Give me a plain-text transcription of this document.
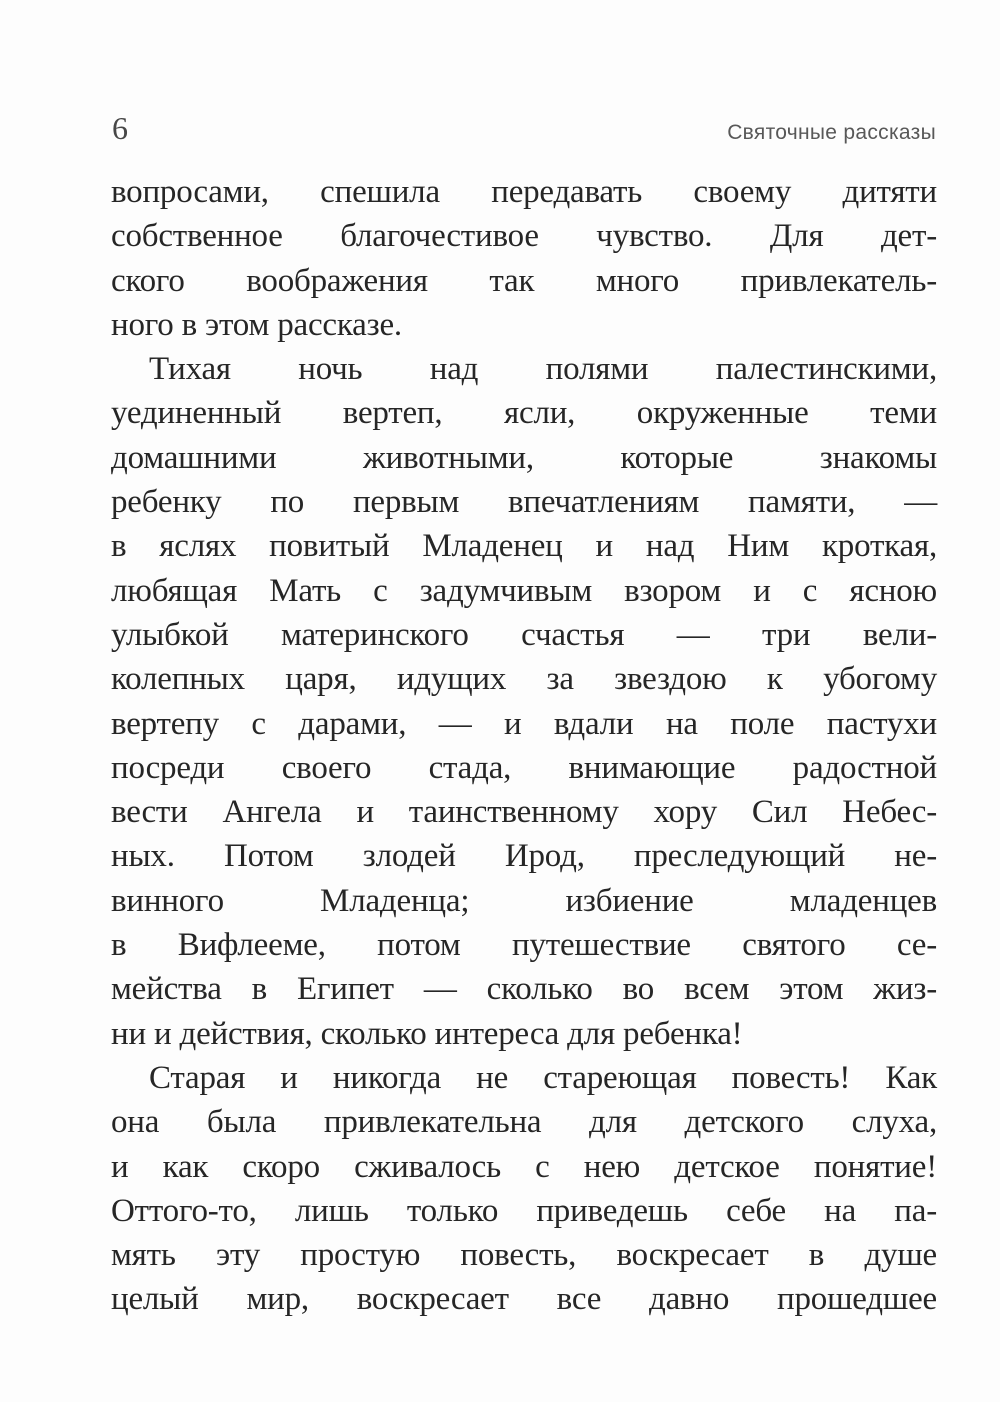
6	Святочные рассказы
вопросами, спешила передавать своему дитяти
собственное благочестивое чувство. Для дет-
ского воображения так много привлекатель-
ного в этом рассказе.
Тихая ночь над полями палестинскими,
уединенный вертеп, ясли, окруженные теми
домашними животными, которые знакомы
ребенку по первым впечатлениям памяти, —
в яслях повитый Младенец и над Ним кроткая,
любящая Мать с задумчивым взором и с ясною
улыбкой материнского счастья — три вели-
колепных царя, идущих за звездою к убогому
вертепу с дарами, — и вдали на поле пастухи
посреди своего стада, внимающие радостной
вести Ангела и таинственному хору Сил Небес-
ных. Потом злодей Ирод, преследующий не-
винного Младенца; избиение младенцев
в Вифлееме, потом путешествие святого се-
мейства в Египет — сколько во всем этом жиз-
ни и действия, сколько интереса для ребенка!
Старая и никогда не стареющая повесть! Как
она была привлекательна для детского слуха,
и как скоро сживалось с нею детское понятие!
Оттого-то, лишь только приведешь себе на па-
мять эту простую повесть, воскресает в душе
целый мир, воскресает все давно прошедшее
